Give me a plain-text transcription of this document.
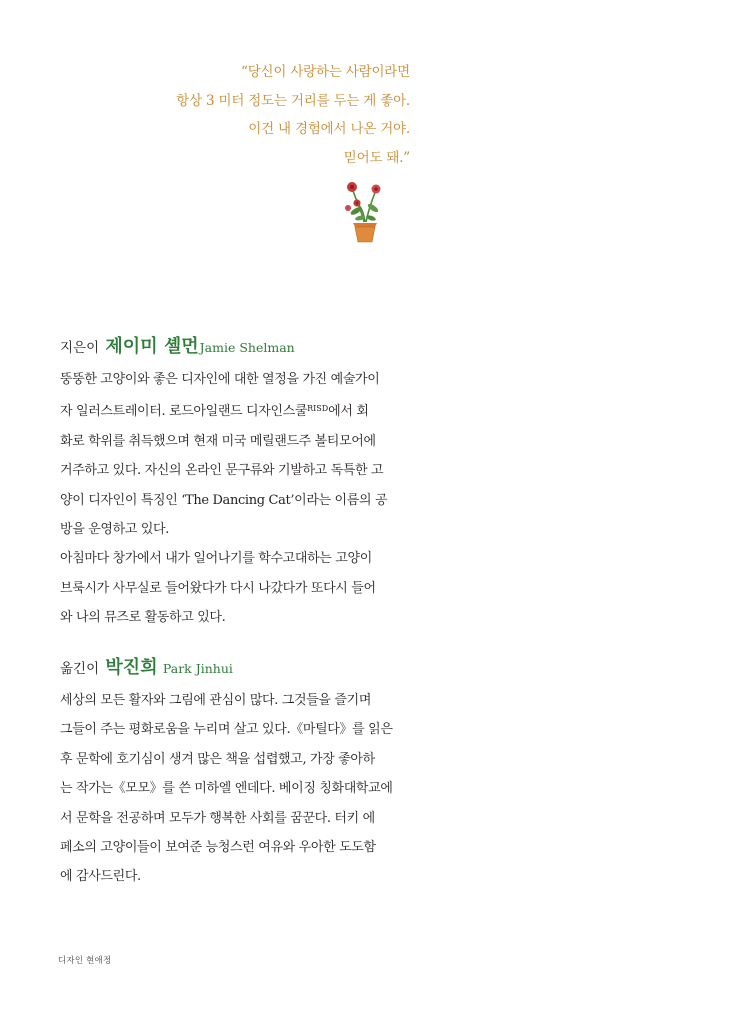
“당신이 사랑하는 사람이라면
항상 3 미터 정도는 거리를 두는 게 좋아.
이건 내 경험에서 나온 거야.
믿어도 돼.”
지은이 제이미 셸먼Jamie Shelman
뚱뚱한 고양이와 좋은 디자인에 대한 열정을 가진 예술가이
자 일러스트레이터. 로드아일랜드 디자인스쿨$^{RISD}$에서 회
화로 학위를 취득했으며 현재 미국 메릴랜드주 볼티모어에
거주하고 있다. 자신의 온라인 문구류와 기발하고 독특한 고
양이 디자인이 특징인 ‘The Dancing Cat’이라는 이름의 공
방을 운영하고 있다.
아침마다 창가에서 내가 일어나기를 학수고대하는 고양이
브룩시가 사무실로 들어왔다가 다시 나갔다가 또다시 들어
와 나의 뮤즈로 활동하고 있다.
옮긴이 박진희 Park Jinhui
세상의 모든 활자와 그림에 관심이 많다. 그것들을 즐기며
그들이 주는 평화로움을 누리며 살고 있다.《마틸다》를 읽은
후 문학에 호기심이 생겨 많은 책을 섭렵했고, 가장 좋아하
는 작가는《모모》를 쓴 미하엘 엔데다. 베이징 칭화대학교에
서 문학을 전공하며 모두가 행복한 사회를 꿈꾼다. 터키 에
페소의 고양이들이 보여준 능청스런 여유와 우아한 도도함
에 감사드린다.
디자인 현애정
